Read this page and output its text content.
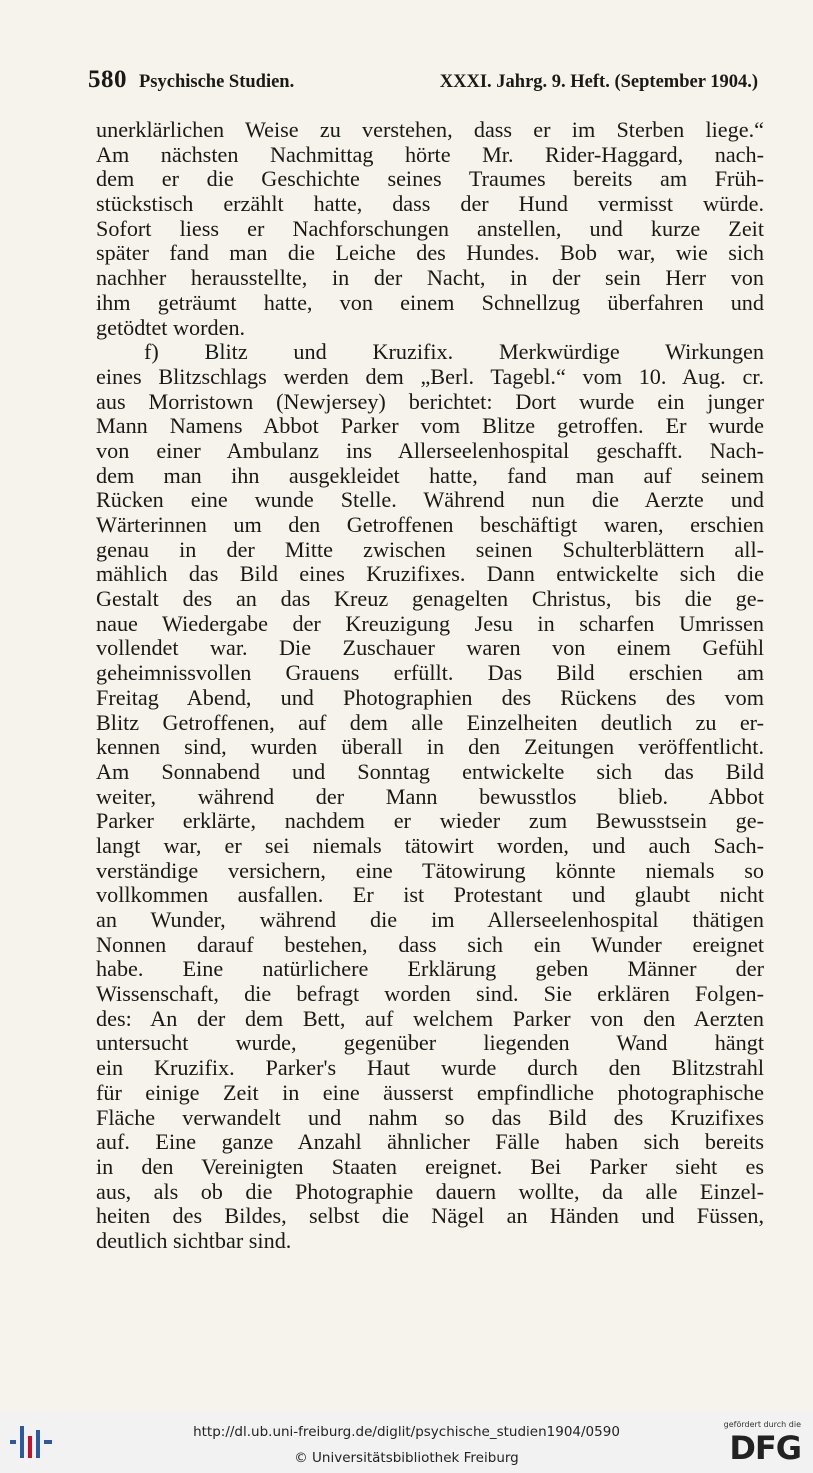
580 Psychische Studien.	XXXI. Jahrg. 9. Heft. (September 1904.)
unerklärlichen Weise zu verstehen, dass er im Sterben liege.“
Am nächsten Nachmittag hörte Mr. Rider-Haggard, nach-
dem er die Geschichte seines Traumes bereits am Früh-
stückstisch erzählt hatte, dass der Hund vermisst würde.
Sofort liess er Nachforschungen anstellen, und kurze Zeit
später fand man die Leiche des Hundes. Bob war, wie sich
nachher herausstellte, in der Nacht, in der sein Herr von
ihm geträumt hatte, von einem Schnellzug überfahren und
getödtet worden.
f) Blitz und Kruzifix. Merkwürdige Wirkungen
eines Blitzschlags werden dem „Berl. Tagebl.“ vom 10. Aug. cr.
aus Morristown (Newjersey) berichtet: Dort wurde ein junger
Mann Namens Abbot Parker vom Blitze getroffen. Er wurde
von einer Ambulanz ins Allerseelenhospital geschafft. Nach-
dem man ihn ausgekleidet hatte, fand man auf seinem
Rücken eine wunde Stelle. Während nun die Aerzte und
Wärterinnen um den Getroffenen beschäftigt waren, erschien
genau in der Mitte zwischen seinen Schulterblättern all-
mählich das Bild eines Kruzifixes. Dann entwickelte sich die
Gestalt des an das Kreuz genagelten Christus, bis die ge-
naue Wiedergabe der Kreuzigung Jesu in scharfen Umrissen
vollendet war. Die Zuschauer waren von einem Gefühl
geheimnissvollen Grauens erfüllt. Das Bild erschien am
Freitag Abend, und Photographien des Rückens des vom
Blitz Getroffenen, auf dem alle Einzelheiten deutlich zu er-
kennen sind, wurden überall in den Zeitungen veröffentlicht.
Am Sonnabend und Sonntag entwickelte sich das Bild
weiter, während der Mann bewusstlos blieb. Abbot
Parker erklärte, nachdem er wieder zum Bewusstsein ge-
langt war, er sei niemals tätowirt worden, und auch Sach-
verständige versichern, eine Tätowirung könnte niemals so
vollkommen ausfallen. Er ist Protestant und glaubt nicht
an Wunder, während die im Allerseelenhospital thätigen
Nonnen darauf bestehen, dass sich ein Wunder ereignet
habe. Eine natürlichere Erklärung geben Männer der
Wissenschaft, die befragt worden sind. Sie erklären Folgen-
des: An der dem Bett, auf welchem Parker von den Aerzten
untersucht wurde, gegenüber liegenden Wand hängt
ein Kruzifix. Parker's Haut wurde durch den Blitzstrahl
für einige Zeit in eine äusserst empfindliche photographische
Fläche verwandelt und nahm so das Bild des Kruzifixes
auf. Eine ganze Anzahl ähnlicher Fälle haben sich bereits
in den Vereinigten Staaten ereignet. Bei Parker sieht es
aus, als ob die Photographie dauern wollte, da alle Einzel-
heiten des Bildes, selbst die Nägel an Händen und Füssen,
deutlich sichtbar sind.
http://dl.ub.uni-freiburg.de/diglit/psychische_studien1904/0590
© Universitätsbibliothek Freiburg
gefördert durch die
DFG
